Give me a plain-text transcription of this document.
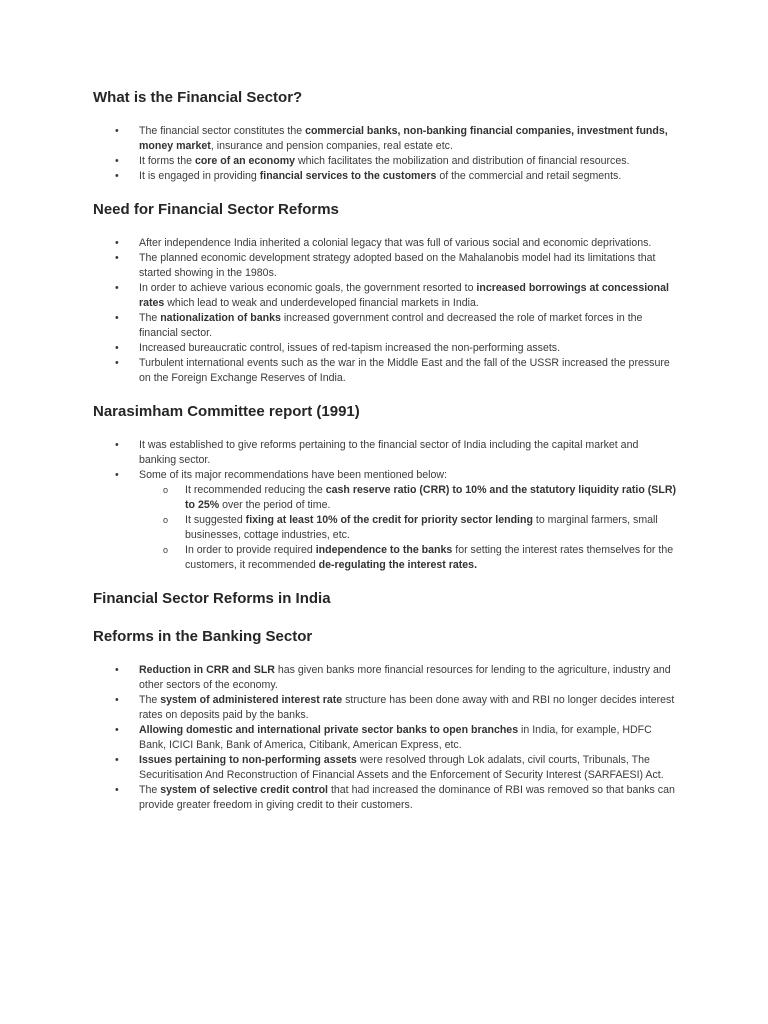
What is the Financial Sector?
• The financial sector constitutes the commercial banks, non-banking financial companies, investment funds, money market, insurance and pension companies, real estate etc.
• It forms the core of an economy which facilitates the mobilization and distribution of financial resources.
• It is engaged in providing financial services to the customers of the commercial and retail segments.
Need for Financial Sector Reforms
• After independence India inherited a colonial legacy that was full of various social and economic deprivations.
• The planned economic development strategy adopted based on the Mahalanobis model had its limitations that started showing in the 1980s.
• In order to achieve various economic goals, the government resorted to increased borrowings at concessional rates which lead to weak and underdeveloped financial markets in India.
• The nationalization of banks increased government control and decreased the role of market forces in the financial sector.
• Increased bureaucratic control, issues of red-tapism increased the non-performing assets.
• Turbulent international events such as the war in the Middle East and the fall of the USSR increased the pressure on the Foreign Exchange Reserves of India.
Narasimham Committee report (1991)
• It was established to give reforms pertaining to the financial sector of India including the capital market and banking sector.
• Some of its major recommendations have been mentioned below:
o It recommended reducing the cash reserve ratio (CRR) to 10% and the statutory liquidity ratio (SLR) to 25% over the period of time.
o It suggested fixing at least 10% of the credit for priority sector lending to marginal farmers, small businesses, cottage industries, etc.
o In order to provide required independence to the banks for setting the interest rates themselves for the customers, it recommended de-regulating the interest rates.
Financial Sector Reforms in India
Reforms in the Banking Sector
• Reduction in CRR and SLR has given banks more financial resources for lending to the agriculture, industry and other sectors of the economy.
• The system of administered interest rate structure has been done away with and RBI no longer decides interest rates on deposits paid by the banks.
• Allowing domestic and international private sector banks to open branches in India, for example, HDFC Bank, ICICI Bank, Bank of America, Citibank, American Express, etc.
• Issues pertaining to non-performing assets were resolved through Lok adalats, civil courts, Tribunals, The Securitisation And Reconstruction of Financial Assets and the Enforcement of Security Interest (SARFAESI) Act.
• The system of selective credit control that had increased the dominance of RBI was removed so that banks can provide greater freedom in giving credit to their customers.
